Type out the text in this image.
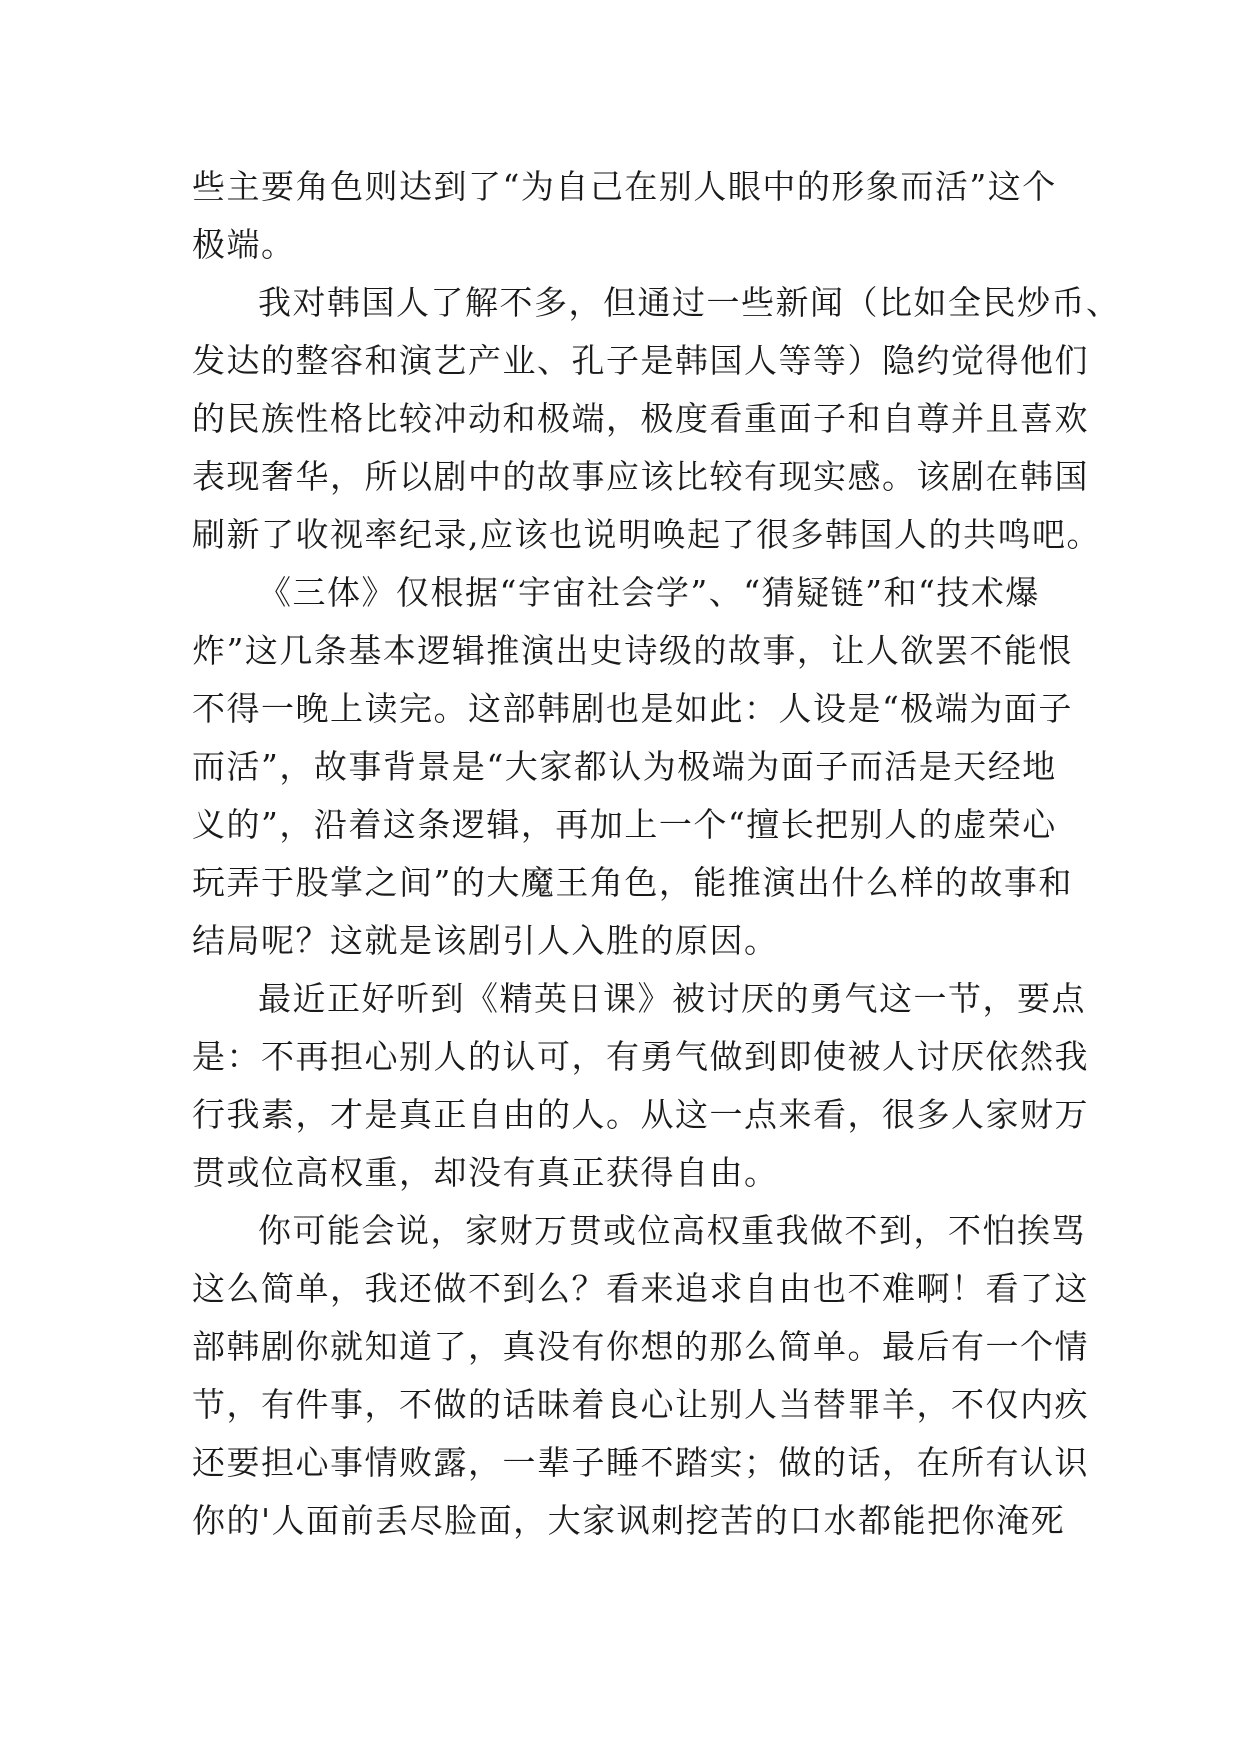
些主要角色则达到了“为自己在别人眼中的形象而活”这个
极端。
我对韩国人了解不多，但通过一些新闻（比如全民炒币、
发达的整容和演艺产业、孔子是韩国人等等）隐约觉得他们
的民族性格比较冲动和极端，极度看重面子和自尊并且喜欢
表现奢华，所以剧中的故事应该比较有现实感。该剧在韩国
刷新了收视率纪录,应该也说明唤起了很多韩国人的共鸣吧。
《三体》仅根据“宇宙社会学”、“猜疑链”和“技术爆
炸”这几条基本逻辑推演出史诗级的故事，让人欲罢不能恨
不得一晚上读完。这部韩剧也是如此：人设是“极端为面子
而活”，故事背景是“大家都认为极端为面子而活是天经地
义的”，沿着这条逻辑，再加上一个“擅长把别人的虚荣心
玩弄于股掌之间”的大魔王角色，能推演出什么样的故事和
结局呢？这就是该剧引人入胜的原因。
最近正好听到《精英日课》被讨厌的勇气这一节，要点
是：不再担心别人的认可，有勇气做到即使被人讨厌依然我
行我素，才是真正自由的人。从这一点来看，很多人家财万
贯或位高权重，却没有真正获得自由。
你可能会说，家财万贯或位高权重我做不到，不怕挨骂
这么简单，我还做不到么？看来追求自由也不难啊！看了这
部韩剧你就知道了，真没有你想的那么简单。最后有一个情
节，有件事，不做的话昧着良心让别人当替罪羊，不仅内疚
还要担心事情败露，一辈子睡不踏实；做的话，在所有认识
你的'人面前丢尽脸面，大家讽刺挖苦的口水都能把你淹死
